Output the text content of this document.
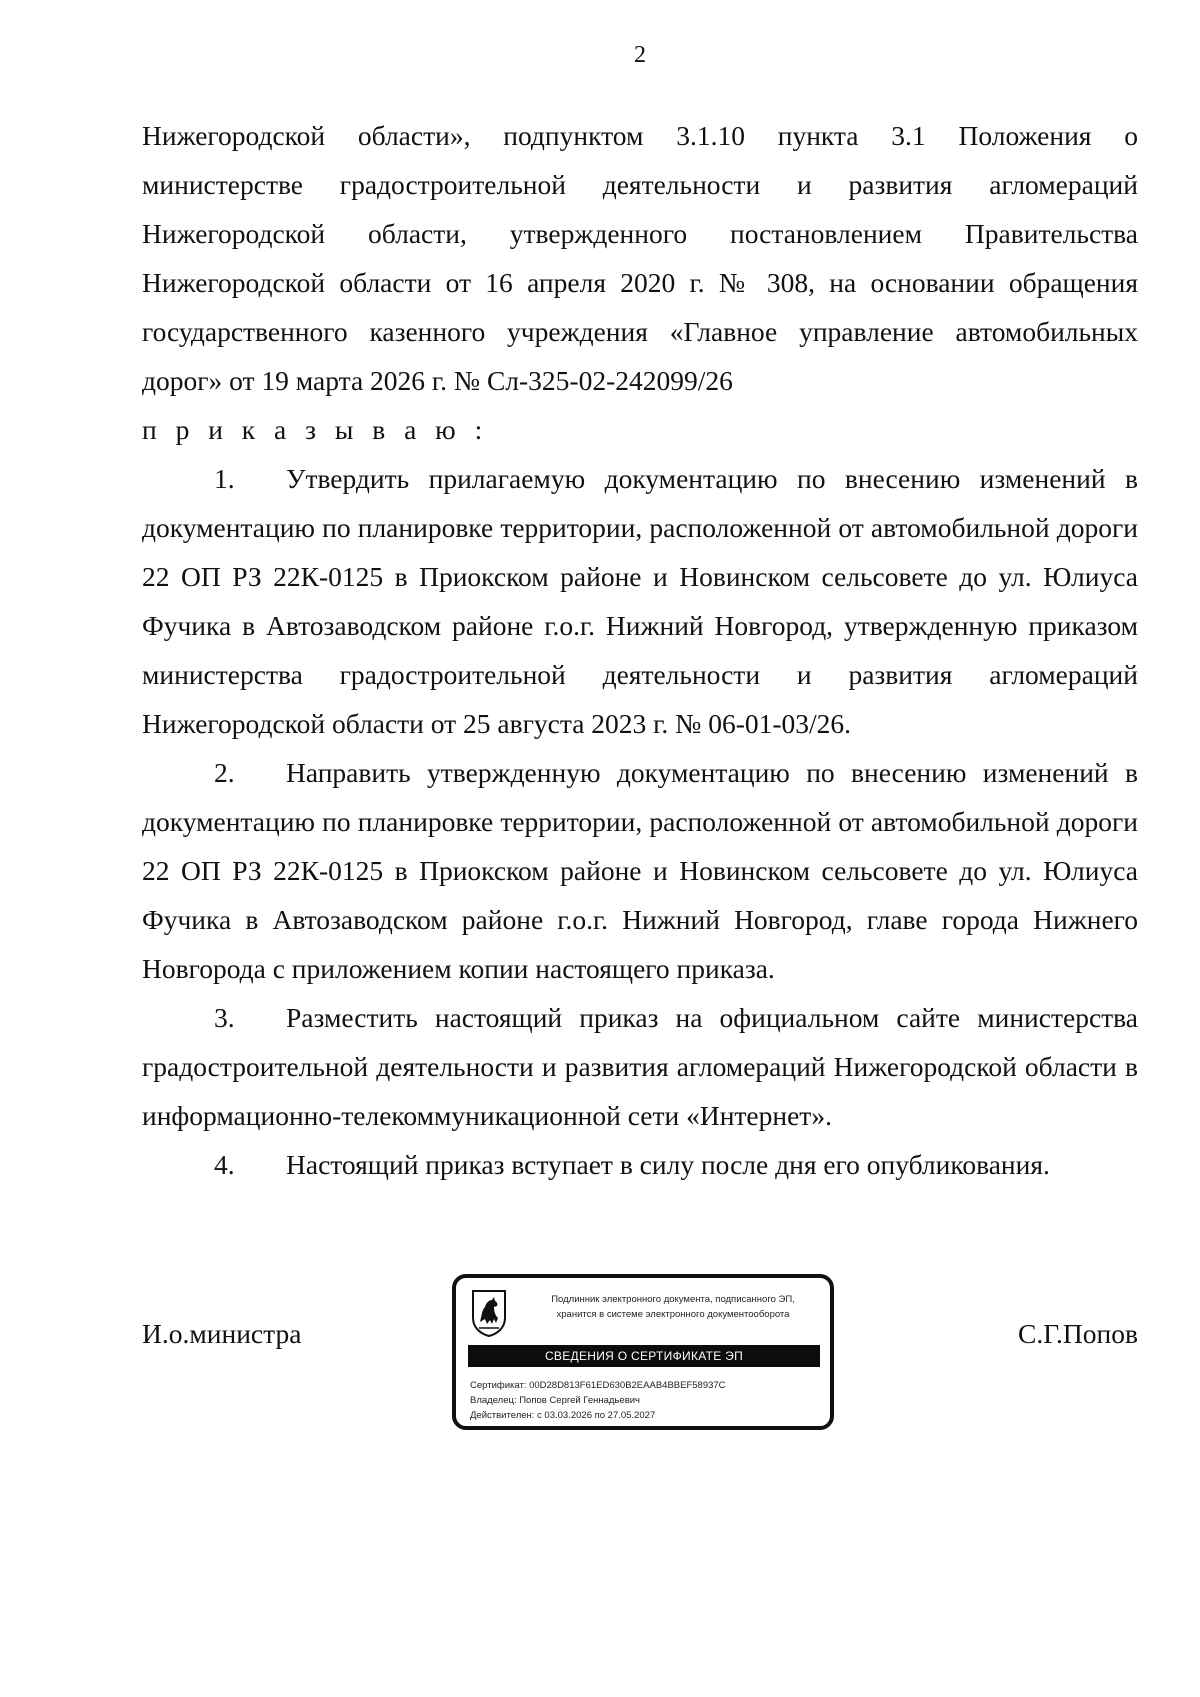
2

Нижегородской области», подпунктом 3.1.10 пункта 3.1 Положения о

министерстве градостроительной деятельности и развития агломераций

Нижегородской области, утвержденного постановлением Правительства

Нижегородской области от 16 апреля 2020 г. № 308, на основании обращения

государственного казенного учреждения «Главное управление автомобильных

дорог» от 19 марта 2026 г. № Сл-325-02-242099/26

п р и к а з ы в а ю :

1. Утвердить прилагаемую документацию по внесению изменений в документацию по планировке территории, расположенной от автомобильной дороги 22 ОП РЗ 22К-0125 в Приокском районе и Новинском сельсовете до ул. Юлиуса Фучика в Автозаводском районе г.о.г. Нижний Новгород, утвержденную приказом министерства градостроительной деятельности и развития агломераций Нижегородской области от 25 августа 2023 г. № 06-01-03/26.

2. Направить утвержденную документацию по внесению изменений в документацию по планировке территории, расположенной от автомобильной дороги 22 ОП РЗ 22К-0125 в Приокском районе и Новинском сельсовете до ул. Юлиуса Фучика в Автозаводском районе г.о.г. Нижний Новгород, главе города Нижнего Новгорода с приложением копии настоящего приказа.

3. Разместить настоящий приказ на официальном сайте министерства градостроительной деятельности и развития агломераций Нижегородской области в информационно-телекоммуникационной сети «Интернет».

4. Настоящий приказ вступает в силу после дня его опубликования.

И.о.министра	С.Г.Попов
Подлинник электронного документа, подписанного ЭП,
хранится в системе электронного документооборота
СВЕДЕНИЯ О СЕРТИФИКАТЕ ЭП
Сертификат: 00D28D813F61ED630B2EAAB4BBEF58937C
Владелец: Попов Сергей Геннадьевич
Действителен: с 03.03.2026 по 27.05.2027
